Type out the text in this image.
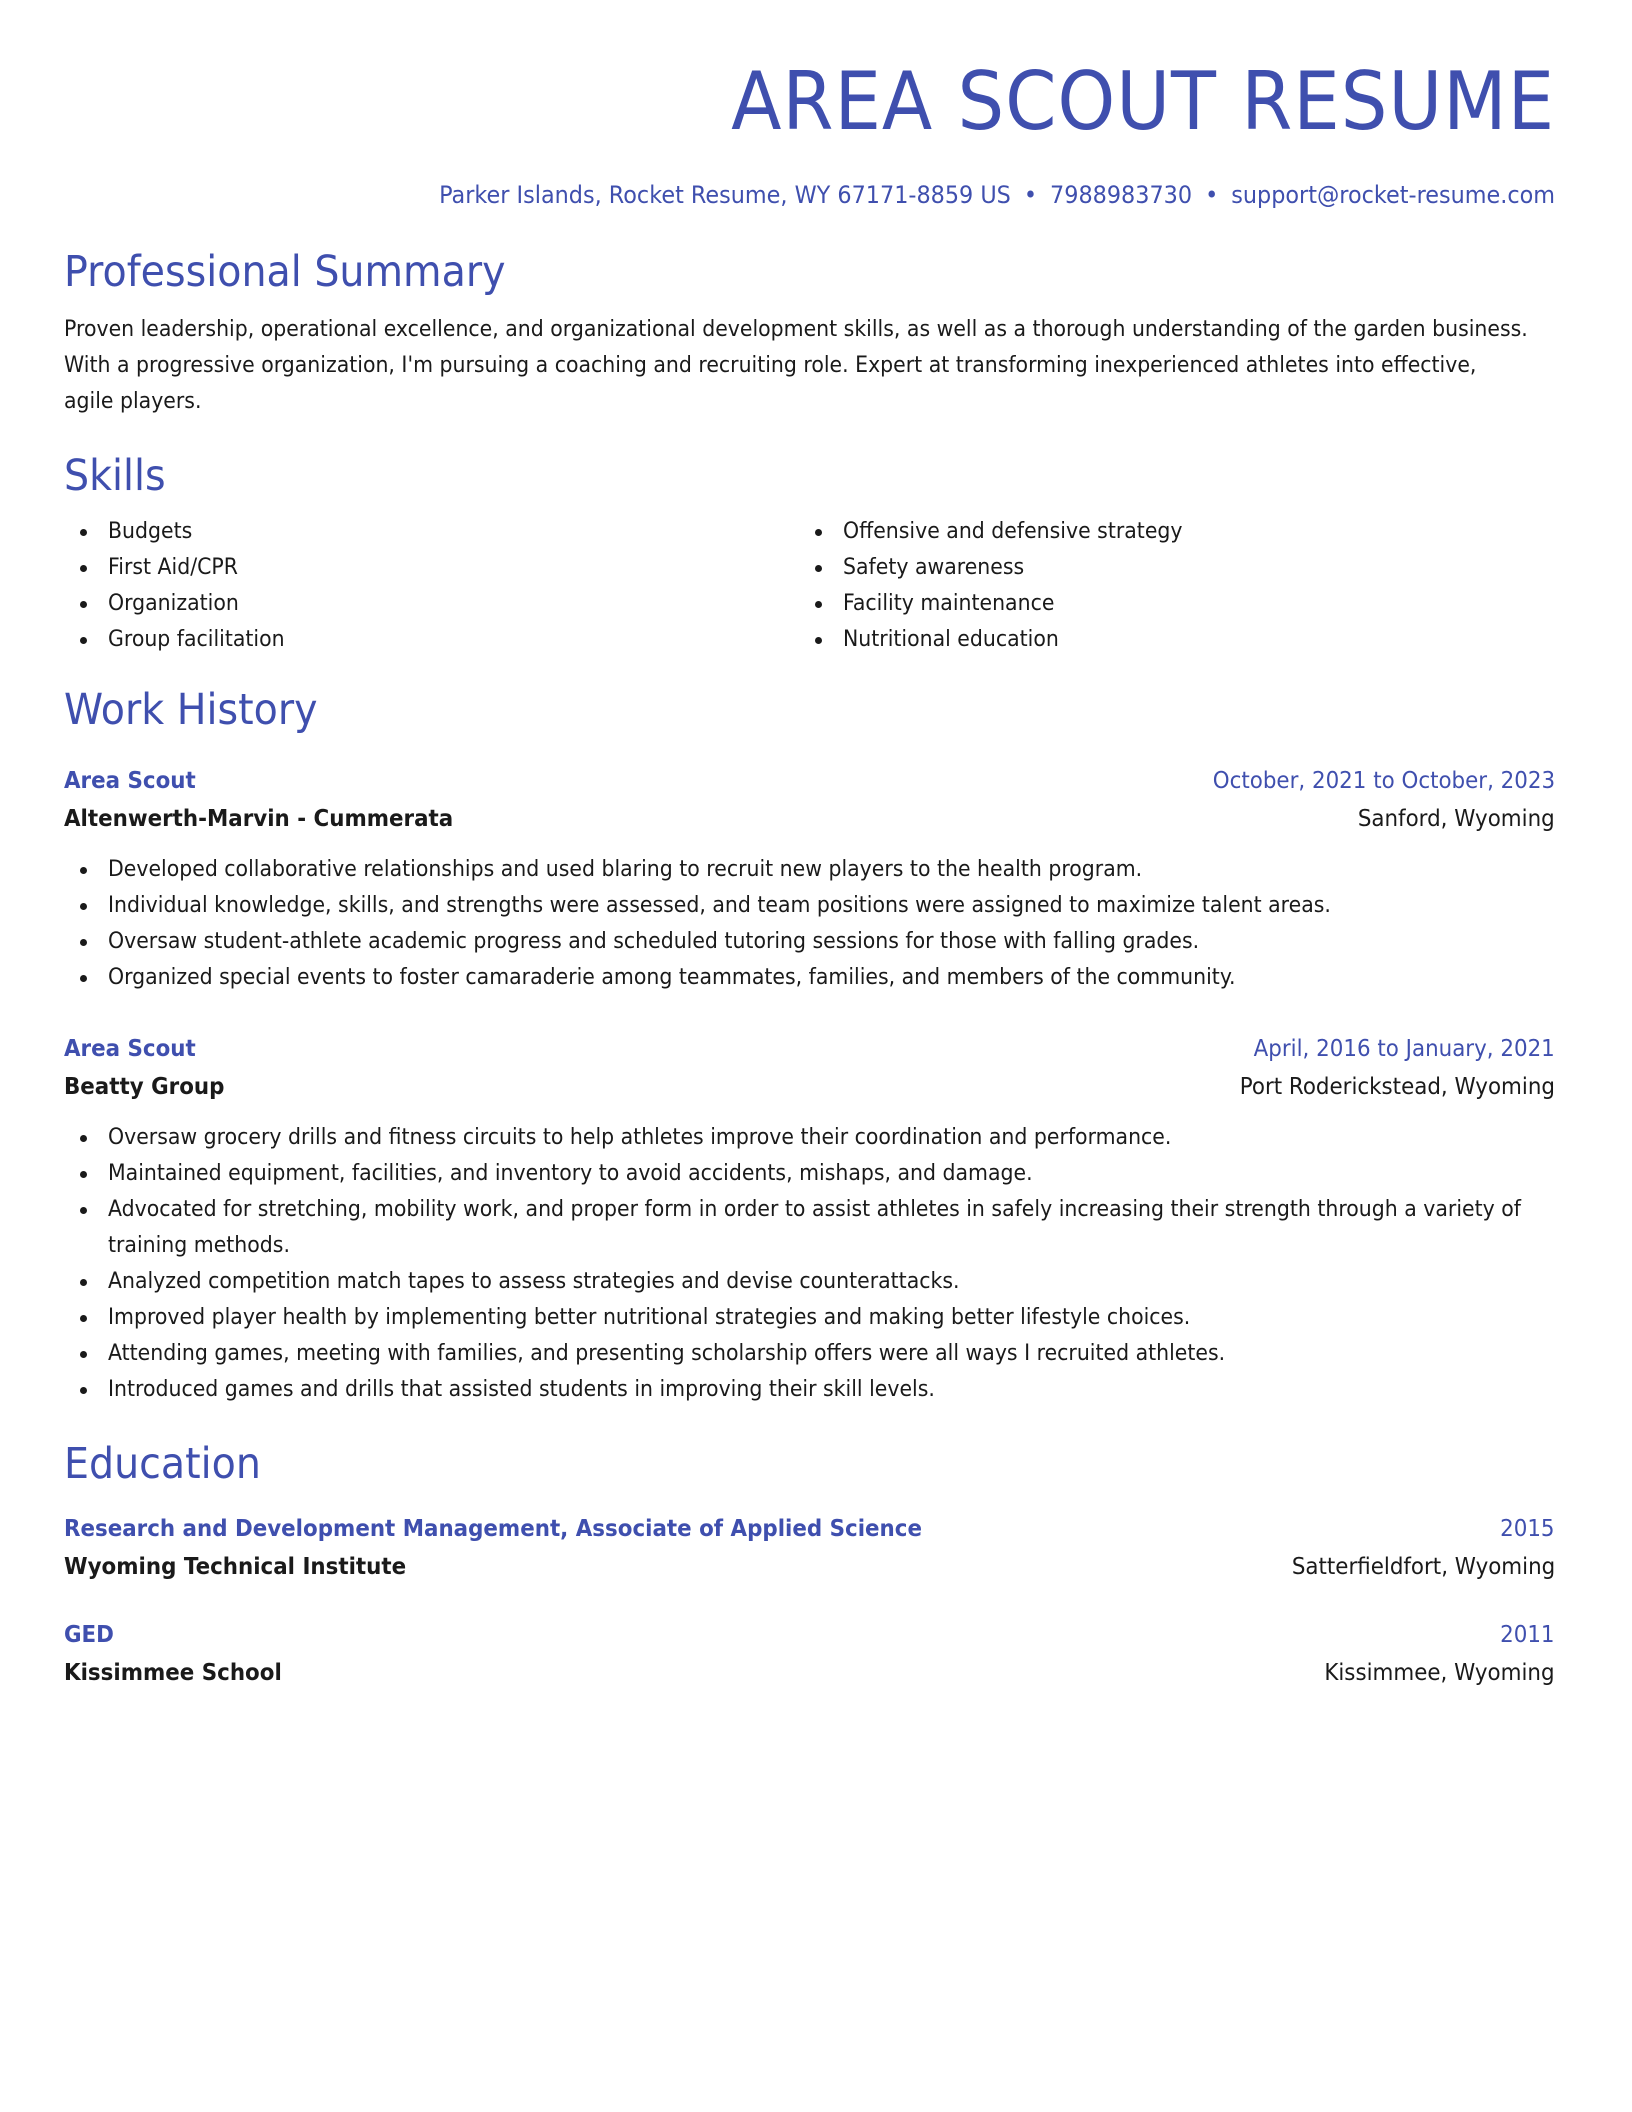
AREA SCOUT RESUME
Parker Islands, Rocket Resume, WY 67171-8859 US • 7988983730 • support@rocket-resume.com
Professional Summary
Proven leadership, operational excellence, and organizational development skills, as well as a thorough understanding of the garden business.
With a progressive organization, I'm pursuing a coaching and recruiting role. Expert at transforming inexperienced athletes into effective,
agile players.
Skills
Budgets
First Aid/CPR
Organization
Group facilitation
Offensive and defensive strategy
Safety awareness
Facility maintenance
Nutritional education
Work History
Area Scout	October, 2021 to October, 2023
Altenwerth-Marvin - Cummerata	Sanford, Wyoming
Developed collaborative relationships and used blaring to recruit new players to the health program.
Individual knowledge, skills, and strengths were assessed, and team positions were assigned to maximize talent areas.
Oversaw student-athlete academic progress and scheduled tutoring sessions for those with falling grades.
Organized special events to foster camaraderie among teammates, families, and members of the community.
Area Scout	April, 2016 to January, 2021
Beatty Group	Port Roderickstead, Wyoming
Oversaw grocery drills and fitness circuits to help athletes improve their coordination and performance.
Maintained equipment, facilities, and inventory to avoid accidents, mishaps, and damage.
Advocated for stretching, mobility work, and proper form in order to assist athletes in safely increasing their strength through a variety of
training methods.
Analyzed competition match tapes to assess strategies and devise counterattacks.
Improved player health by implementing better nutritional strategies and making better lifestyle choices.
Attending games, meeting with families, and presenting scholarship offers were all ways I recruited athletes.
Introduced games and drills that assisted students in improving their skill levels.
Education
Research and Development Management, Associate of Applied Science	2015
Wyoming Technical Institute	Satterfieldfort, Wyoming
GED	2011
Kissimmee School	Kissimmee, Wyoming
